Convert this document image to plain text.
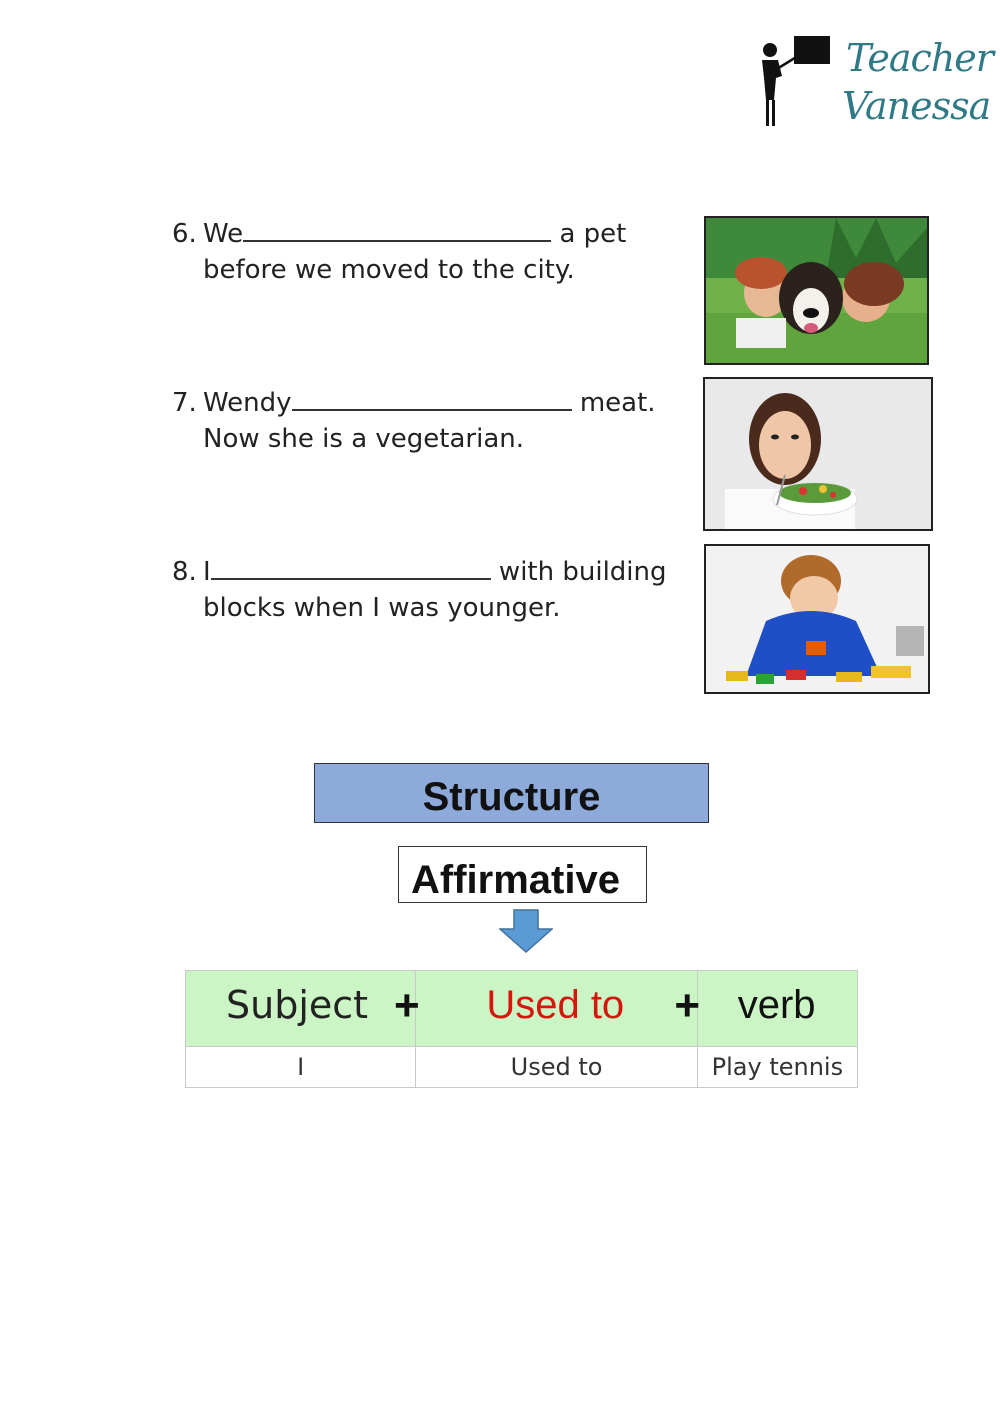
Teacher
Vanessa
6. We	a pet
before we moved to the city.
7. Wendy	meat.
Now she is a vegetarian.
8. I	with building
blocks when I was younger.
Structure
Affirmative
Subject +	Used to +	verb

I	Used to	Play tennis
